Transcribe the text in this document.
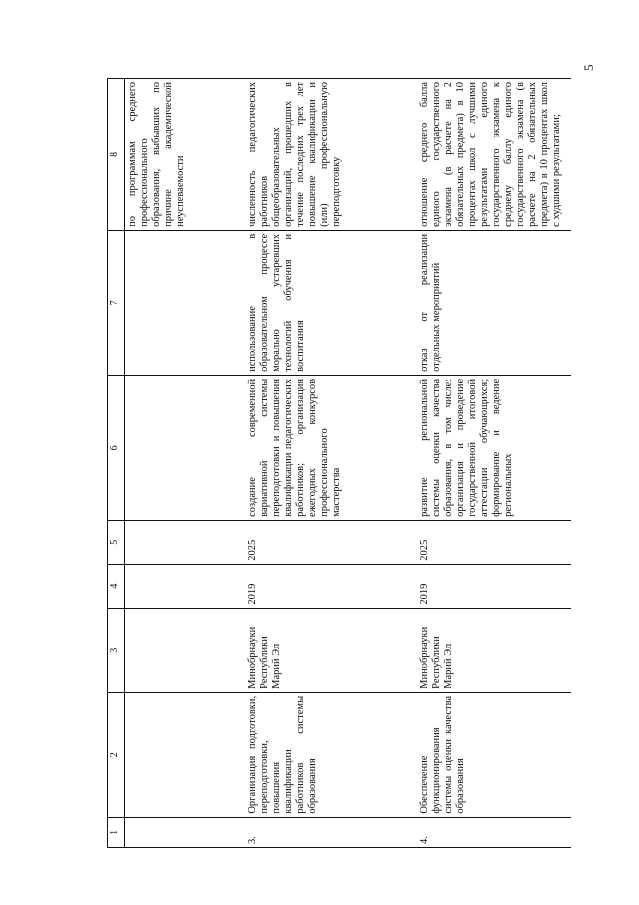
5
1	2	3	4	5	6	7	8
							по программам среднего профессионального образования, выбывших по причине академической неуспеваемости
3.	Организация подготовки, переподготовки, повышения квалификации работников системы образования	Минобрнауки Республики Марий Эл	2019	2025	создание современной вариативной системы переподготовки и повышения квалификации педагогических работников; организация ежегодных конкурсов профессионального мастерства	использование в образовательном процессе морально устаревших технологий обучения и воспитания	численность педагогических работников общеобразовательных организаций, прошедших в течение последних трех лет повышение квалификации и (или) профессиональную переподготовку
4.	Обеспечение функционирования системы оценки качества образования	Минобрнауки Республики Марий Эл	2019	2025	развитие региональной системы оценки качества образования, в том числе: организация и проведение государственной итоговой аттестации обучающихся; формирование и ведение региональных	отказ от реализации отдельных мероприятий	отношение среднего балла единого государственного экзамена (в расчете на 2 обязательных предмета) в 10 процентах школ с лучшими результатами единого государственного экзамена к среднему баллу единого государственного экзамена (в расчете на 2 обязательных предмета) в 10 процентах школ с худшими результатами;
